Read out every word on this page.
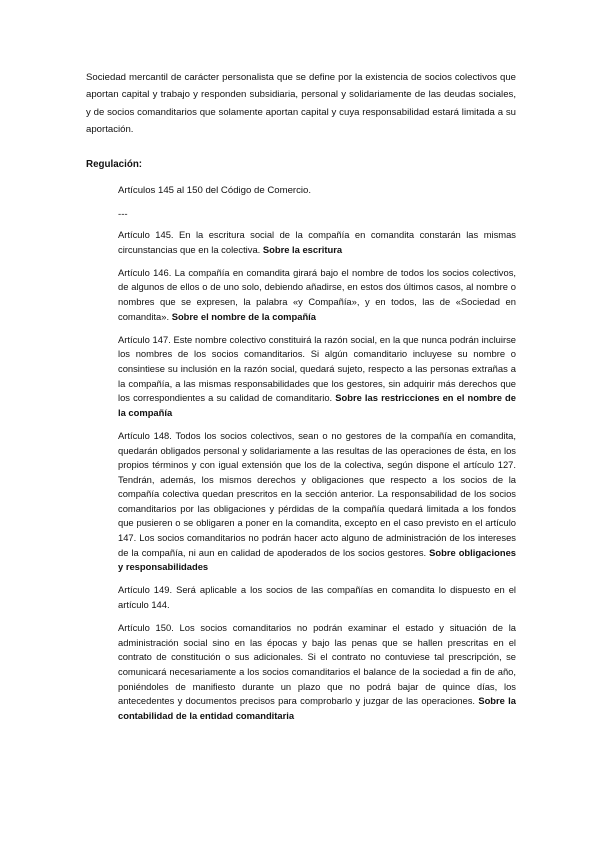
Sociedad mercantil de carácter personalista que se define por la existencia de socios colectivos que aportan capital y trabajo y responden subsidiaria, personal y solidariamente de las deudas sociales, y de socios comanditarios que solamente aportan capital y cuya responsabilidad estará limitada a su aportación.

Regulación:

Artículos 145 al 150 del Código de Comercio.

---

Artículo 145. En la escritura social de la compañía en comandita constarán las mismas circunstancias que en la colectiva. Sobre la escritura

Artículo 146. La compañía en comandita girará bajo el nombre de todos los socios colectivos, de algunos de ellos o de uno solo, debiendo añadirse, en estos dos últimos casos, al nombre o nombres que se expresen, la palabra «y Compañía», y en todos, las de «Sociedad en comandita». Sobre el nombre de la compañía

Artículo 147. Este nombre colectivo constituirá la razón social, en la que nunca podrán incluirse los nombres de los socios comanditarios. Si algún comanditario incluyese su nombre o consintiese su inclusión en la razón social, quedará sujeto, respecto a las personas extrañas a la compañía, a las mismas responsabilidades que los gestores, sin adquirir más derechos que los correspondientes a su calidad de comanditario. Sobre las restricciones en el nombre de la compañía

Artículo 148. Todos los socios colectivos, sean o no gestores de la compañía en comandita, quedarán obligados personal y solidariamente a las resultas de las operaciones de ésta, en los propios términos y con igual extensión que los de la colectiva, según dispone el artículo 127. Tendrán, además, los mismos derechos y obligaciones que respecto a los socios de la compañía colectiva quedan prescritos en la sección anterior. La responsabilidad de los socios comanditarios por las obligaciones y pérdidas de la compañía quedará limitada a los fondos que pusieren o se obligaren a poner en la comandita, excepto en el caso previsto en el artículo 147. Los socios comanditarios no podrán hacer acto alguno de administración de los intereses de la compañía, ni aun en calidad de apoderados de los socios gestores. Sobre obligaciones y responsabilidades

Artículo 149. Será aplicable a los socios de las compañías en comandita lo dispuesto en el artículo 144.

Artículo 150. Los socios comanditarios no podrán examinar el estado y situación de la administración social sino en las épocas y bajo las penas que se hallen prescritas en el contrato de constitución o sus adicionales. Si el contrato no contuviese tal prescripción, se comunicará necesariamente a los socios comanditarios el balance de la sociedad a fin de año, poniéndoles de manifiesto durante un plazo que no podrá bajar de quince días, los antecedentes y documentos precisos para comprobarlo y juzgar de las operaciones. Sobre la contabilidad de la entidad comanditaria
